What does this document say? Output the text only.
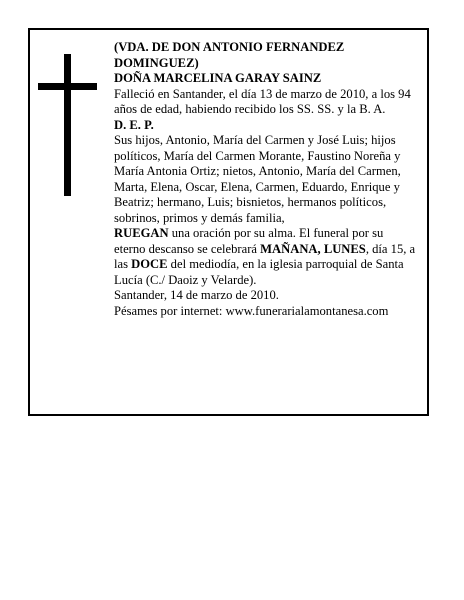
(VDA. DE DON ANTONIO FERNANDEZ DOMINGUEZ)

DOÑA MARCELINA GARAY SAINZ

Falleció en Santander, el día 13 de marzo de 2010, a los 94 años de edad, habiendo recibido los SS. SS. y la B. A.

D. E. P.

Sus hijos, Antonio, María del Carmen y José Luis; hijos políticos, María del Carmen Morante, Faustino Noreña y María Antonia Ortiz; nietos, Antonio, María del Carmen, Marta, Elena, Oscar, Elena, Carmen, Eduardo, Enrique y Beatriz; hermano, Luis; bisnietos, hermanos políticos, sobrinos, primos y demás familia,

RUEGAN una oración por su alma. El funeral por su eterno descanso se celebrará MAÑANA, LUNES, día 15, a las DOCE del mediodía, en la iglesia parroquial de Santa Lucía (C./ Daoiz y Velarde).

Santander, 14 de marzo de 2010.

Pésames por internet: www.funerarialamontanesa.com
